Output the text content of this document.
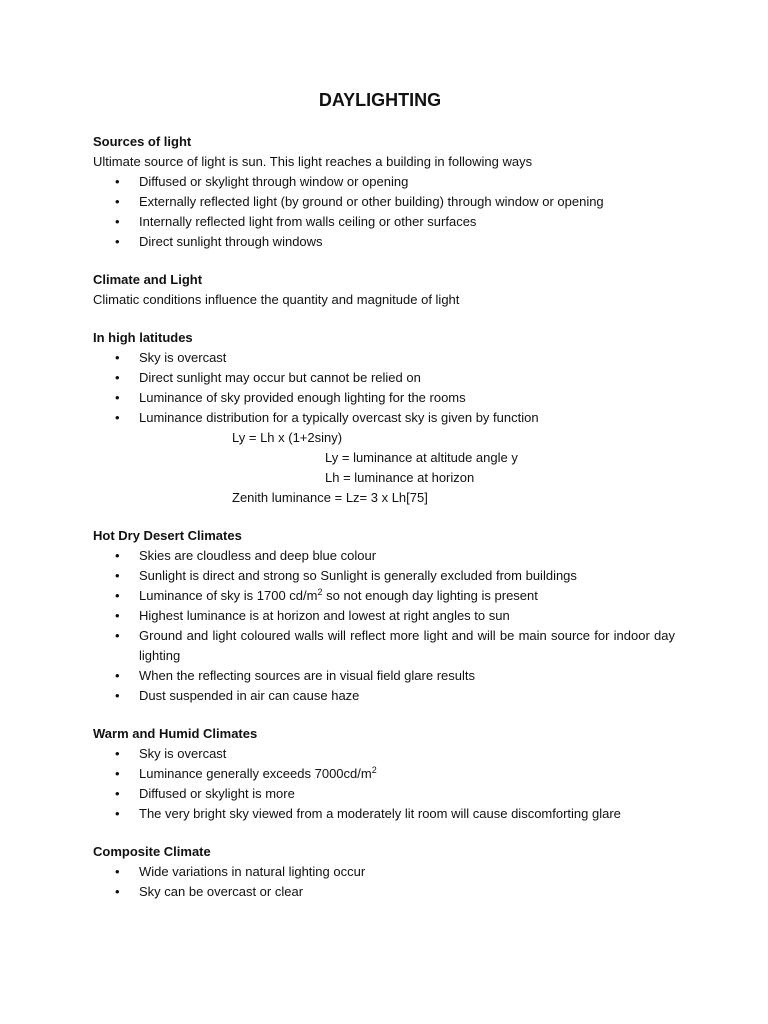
DAYLIGHTING
Sources of light
Ultimate source of light is sun. This light reaches a building in following ways
• Diffused or skylight through window or opening
• Externally reflected light (by ground or other building) through window or opening
• Internally reflected light from walls ceiling or other surfaces
• Direct sunlight through windows
Climate and Light
Climatic conditions influence the quantity and magnitude of light
In high latitudes
• Sky is overcast
• Direct sunlight may occur but cannot be relied on
• Luminance of sky provided enough lighting for the rooms
• Luminance distribution for a typically overcast sky is given by function
Ly = Lh x (1+2siny)
Ly = luminance at altitude angle y
Lh = luminance at horizon
Zenith luminance = Lz= 3 x Lh[75]
Hot Dry Desert Climates
• Skies are cloudless and deep blue colour
• Sunlight is direct and strong so Sunlight is generally excluded from buildings
• Luminance of sky is 1700 $cd/m^2$ so not enough day lighting is present
• Highest luminance is at horizon and lowest at right angles to sun
• Ground and light coloured walls will reflect more light and will be main source for indoor day lighting
• When the reflecting sources are in visual field glare results
• Dust suspended in air can cause haze
Warm and Humid Climates
• Sky is overcast
• Luminance generally exceeds $7000cd/m^2$
• Diffused or skylight is more
• The very bright sky viewed from a moderately lit room will cause discomforting glare
Composite Climate
• Wide variations in natural lighting occur
• Sky can be overcast or clear
